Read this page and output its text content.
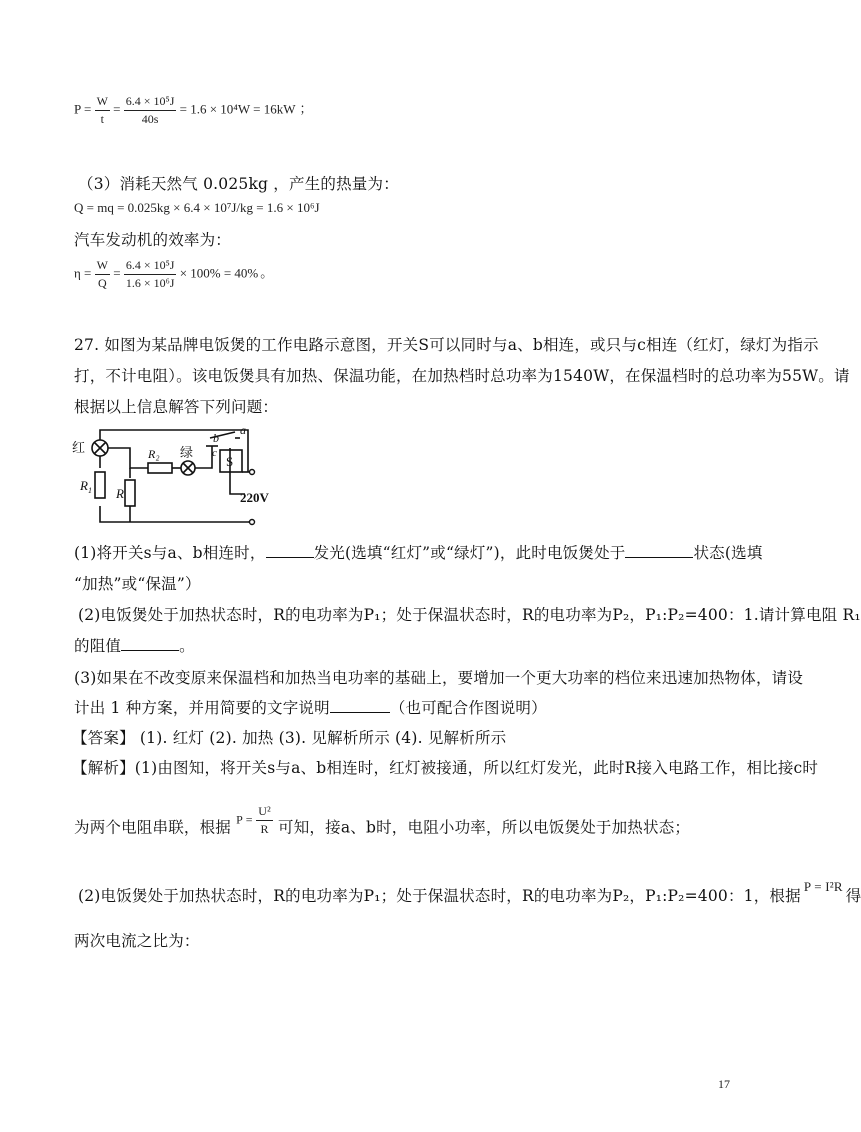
$P = \frac{W}{t} = \frac{\text{6.4 × 10⁵J}}{40s} = 1.6 \times 10^4W = 16kW$ ；
（3）消耗天然气 0.025kg ，产生的热量为：
Q = mq = 0.025kg × 6.4 × 10⁷J/kg = 1.6 × 10⁶J
汽车发动机的效率为：
$\eta = \frac{W}{Q} = \frac{\text{6.4 × 10⁵J}}{\text{1.6 × 10⁶J}} \times 100\% = 40\%$ 。
27. 如图为某品牌电饭煲的工作电路示意图，开关S可以同时与a、b相连，或只与c相连（红灯，绿灯为指示
打，不计电阻）。该电饭煲具有加热、保温功能，在加热档时总功率为1540W，在保温档时的总功率为55W。请
根据以上信息解答下列问题：
红
$R_1$
R₂ 绿
R
S
a
b
c
220V
(1)将开关s与a、b相连时，	发光(选填“红灯”或“绿灯”)，此时电饭煲处于	状态(选填
“加热”或“保温”）
(2)电饭煲处于加热状态时，R的电功率为P₁；处于保温状态时，R的电功率为P₂，P₁:P₂=400：1.请计算电阻 R₁
的阻值	。
(3)如果在不改变原来保温档和加热当电功率的基础上，要增加一个更大功率的档位来迅速加热物体，请设
计出 1 种方案，并用简要的文字说明	（也可配合作图说明）
【答案】 (1). 红灯 (2). 加热 (3). 见解析所示 (4). 见解析所示
【解析】(1)由图知，将开关s与a、b相连时，红灯被接通，所以红灯发光，此时R接入电路工作，相比接c时
为两个电阻串联，根据 $P = \frac{\text{U²}}{R}$ 可知，接a、b时，电阻小功率，所以电饭煲处于加热状态；
(2)电饭煲处于加热状态时，R的电功率为P₁；处于保温状态时，R的电功率为P₂，P₁:P₂=400：1，根据$^{P = I^2R}$得
两次电流之比为：
17
